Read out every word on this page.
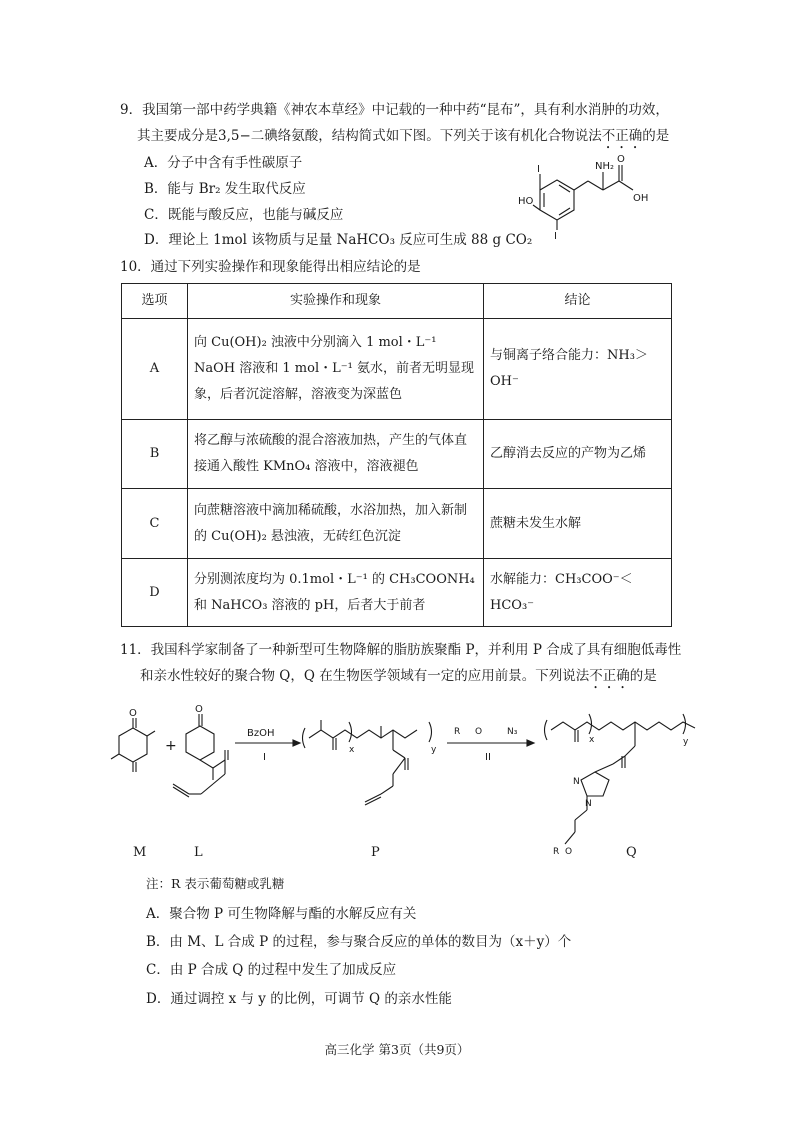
9．我国第一部中药学典籍《神农本草经》中记载的一种中药“昆布”，具有利水消肿的功效，
其主要成分是3,5−二碘络氨酸，结构简式如下图。下列关于该有机化合物说法不正确的是
A．分子中含有手性碳原子
B．能与 Br₂ 发生取代反应
C．既能与酸反应，也能与碱反应
D．理论上 1mol 该物质与足量 NaHCO₃ 反应可生成 88 g CO₂
I
HO
I
NH₂
OH
O
10．通过下列实验操作和现象能得出相应结论的是
选项	实验操作和现象	结论
A	向 Cu(OH)₂ 浊液中分别滴入 1 mol・L⁻¹ NaOH 溶液和 1 mol・L⁻¹ 氨水，前者无明显现象，后者沉淀溶解，溶液变为深蓝色	与铜离子络合能力：NH₃＞OH⁻
B	将乙醇与浓硫酸的混合溶液加热，产生的气体直接通入酸性 KMnO₄ 溶液中，溶液褪色	乙醇消去反应的产物为乙烯
C	向蔗糖溶液中滴加稀硫酸，水浴加热，加入新制的 Cu(OH)₂ 悬浊液，无砖红色沉淀	蔗糖未发生水解
D	分别测浓度均为 0.1mol・L⁻¹ 的 CH₃COONH₄ 和 NaHCO₃ 溶液的 pH，后者大于前者	水解能力：CH₃COO⁻＜HCO₃⁻
11．我国科学家制备了一种新型可生物降解的脂肪族聚酯 P，并利用 P 合成了具有细胞低毒性
和亲水性较好的聚合物 Q，Q 在生物医学领域有一定的应用前景。下列说法不正确的是
O	O
+
BzOH
I
x	y
R O	N₃
II
x	y
N
N
R O
M	L	P	Q
注：R 表示葡萄糖或乳糖
A．聚合物 P 可生物降解与酯的水解反应有关
B．由 M、L 合成 P 的过程，参与聚合反应的单体的数目为（x＋y）个
C．由 P 合成 Q 的过程中发生了加成反应
D．通过调控 x 与 y 的比例，可调节 Q 的亲水性能
高三化学 第3页（共9页）
